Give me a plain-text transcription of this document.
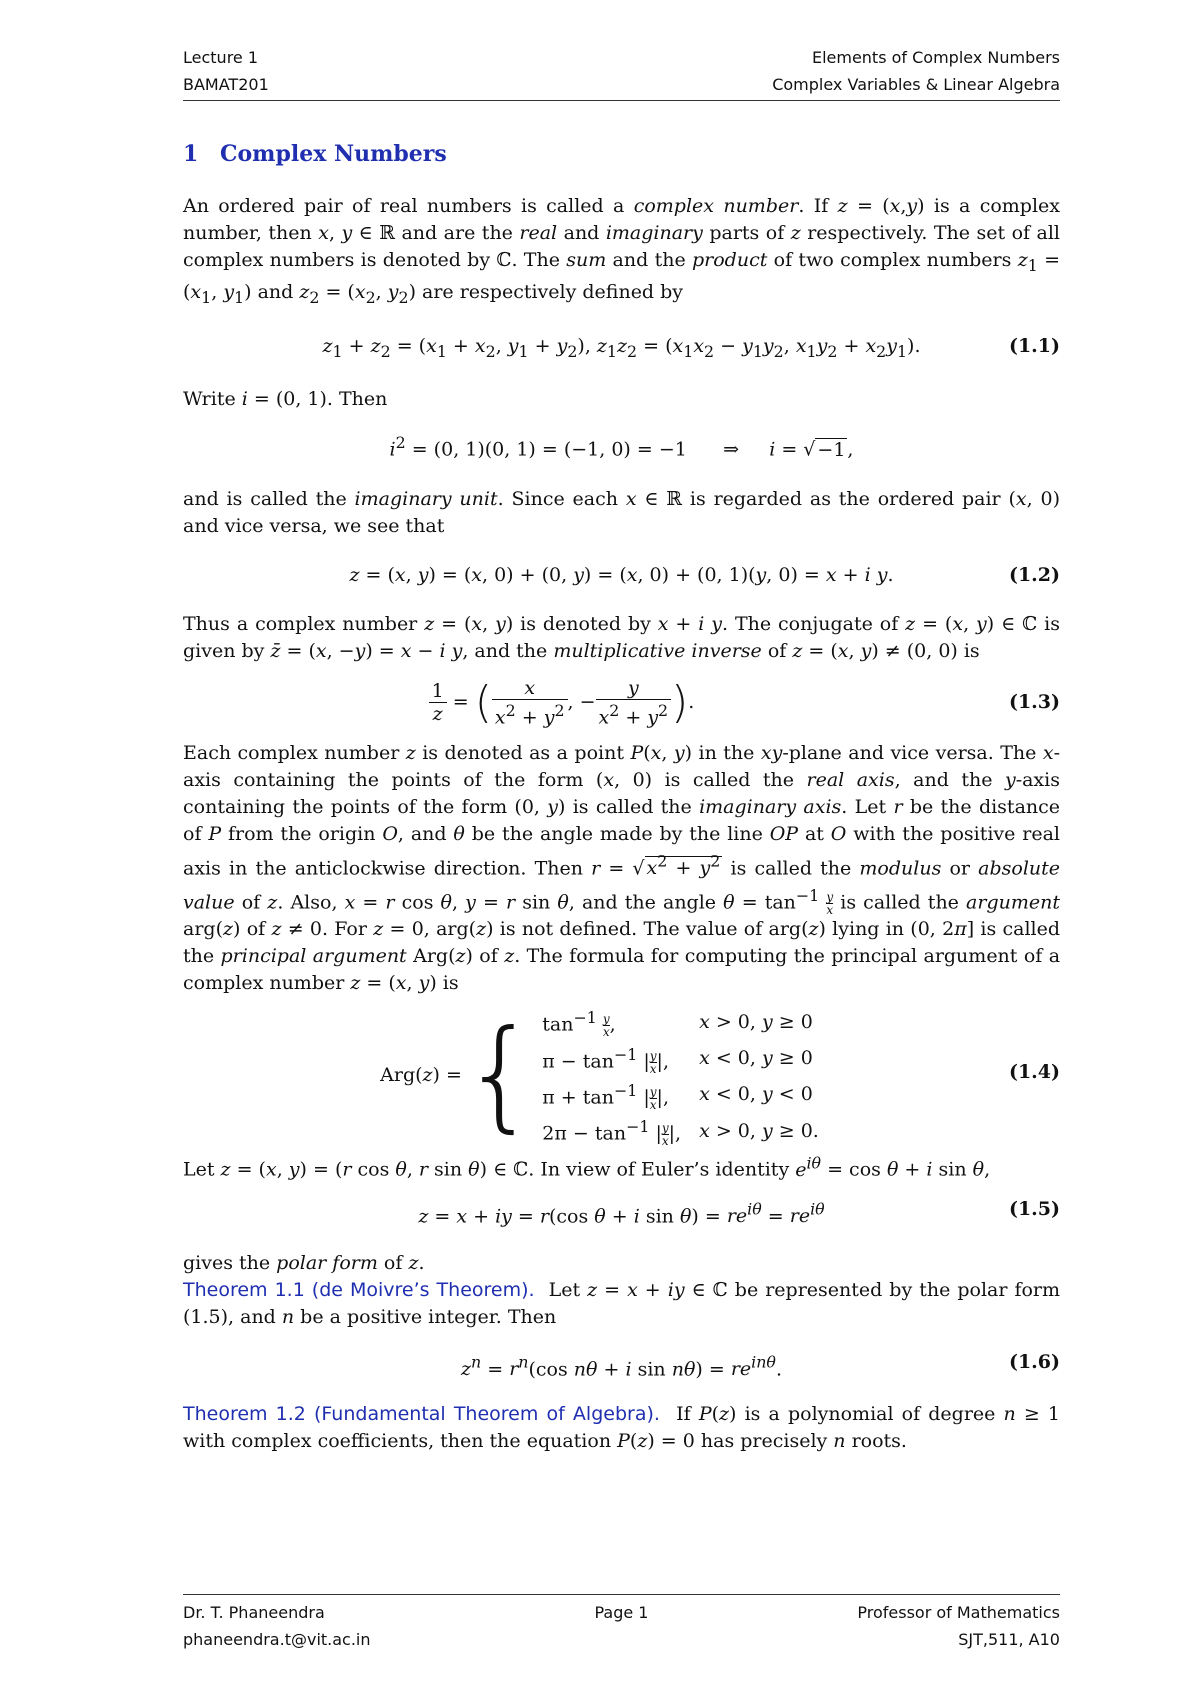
Lecture 1	Elements of Complex Numbers
BAMAT201	Complex Variables & Linear Algebra
1 Complex Numbers

An ordered pair of real numbers is called a complex number. If z = (x,y) is a complex number, then x, y ∈ ℝ and are the real and imaginary parts of z respectively. The set of all complex numbers is denoted by ℂ. The sum and the product of two complex numbers $z_1 = (x_1$, $y_1$) and $z_2 = (x_2$, $y_2$) are respectively defined by

$z_1 + z_2 = (x_1 + x_2$, $y_1 + y_2$), $z_1z_2 = (x_1x_2 - y_1y_2$, $x_1y_2 + x_2y_1$).	(1.1)

Write i = (0, 1). Then

$i^2 = (0$, 1)(0, 1) = (−1, 0) = −1      ⇒     i = √ −1 ,

and is called the imaginary unit. Since each x ∈ ℝ is regarded as the ordered pair (x, 0) and vice versa, we see that

z = (x, y) = (x, 0) + (0, y) = (x, 0) + (0, 1)(y, 0) = x + i y.	(1.2)

Thus a complex number z = (x, y) is denoted by x + i y. The conjugate of z = (x, y) ∈ ℂ is given by z̄ = (x, −y) = x − i y, and the multiplicative inverse of z = (x, y) ≠ (0, 0) is

$\frac{1}{z}$ = ( $\frac{x}{x^2 + y^2}$ , − $\frac{y}{x^2 + y^2}$ ).	(1.3)

Each complex number z is denoted as a point P(x, y) in the xy-plane and vice versa. The x-axis containing the points of the form (x, 0) is called the real axis, and the y-axis containing the points of the form (0, y) is called the imaginary axis. Let r be the distance of P from the origin O, and θ be the angle made by the line OP at O with the positive real axis in the anticlockwise direction. Then r = √ $x^2 + y^2$ is called the modulus or absolute value of z. Also, x = r cos θ, y = r sin θ, and the angle $\theta = \tan^{-1} \frac{y}{x}$ is called the argument arg(z) of z ≠ 0. For z = 0, arg(z) is not defined. The value of arg(z) lying in (0, 2π] is called the principal argument Arg(z) of z. The formula for computing the principal argument of a complex number z = (x, y) is

Arg(z) ={ $\tan^{-1} \frac{y}{x}$ ,	x > 0, y ≥ 0
$\pi - \tan^{-1}$ | $\frac{y}{x}$ |,	x < 0, y ≥ 0
$\pi + \tan^{-1}$ | $\frac{y}{x}$ |,	x < 0, y < 0
$2\pi - \tan^{-1}$ | $\frac{y}{x}$ |,	x > 0, y ≥ 0.
(1.4)

Let z = (x, y) = (r cos θ, r sin θ) ∈ ℂ. In view of Euler’s identity $e^{i\theta} = \cos \theta + i$ sin θ,

z = x + iy = r(cos θ + i $\sin \theta) = re^{i\theta} = re^{i\theta}$	(1.5)

gives the polar form of z.

Theorem 1.1 (de Moivre’s Theorem).  Let z = x + iy ∈ ℂ be represented by the polar form (1.5), and n be a positive integer. Then

$z^n = r^n(\cos$ nθ + i $\sin n\theta) = re^{in\theta}$.	(1.6)

Theorem 1.2 (Fundamental Theorem of Algebra).  If P(z) is a polynomial of degree n ≥ 1 with complex coefficients, then the equation P(z) = 0 has precisely n roots.

Dr. T. Phaneendra	Page 1	Professor of Mathematics
phaneendra.t@vit.ac.in	SJT,511, A10
